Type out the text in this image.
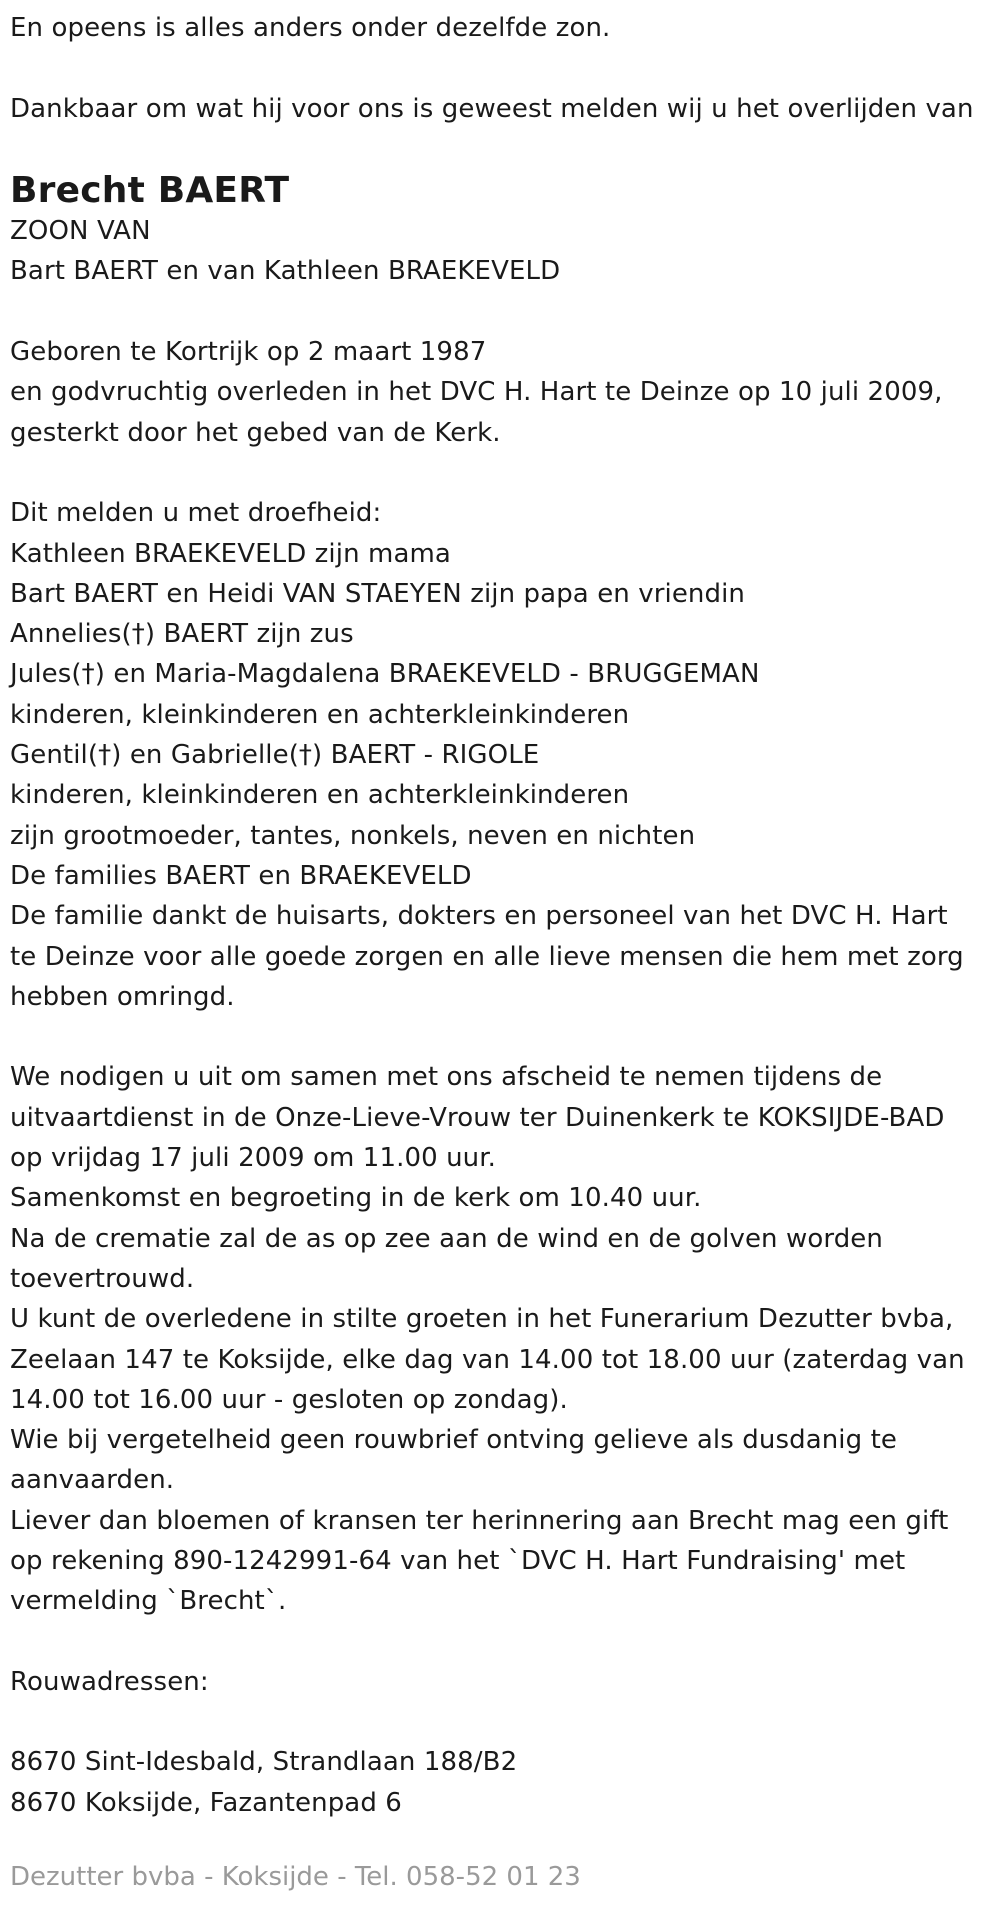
En opeens is alles anders onder dezelfde zon.
Dankbaar om wat hij voor ons is geweest melden wij u het overlijden van
Brecht BAERT
ZOON VAN
Bart BAERT en van Kathleen BRAEKEVELD
Geboren te Kortrijk op 2 maart 1987
en godvruchtig overleden in het DVC H. Hart te Deinze op 10 juli 2009,
gesterkt door het gebed van de Kerk.
Dit melden u met droefheid:
Kathleen BRAEKEVELD zijn mama
Bart BAERT en Heidi VAN STAEYEN zijn papa en vriendin
Annelies(†) BAERT zijn zus
Jules(†) en Maria-Magdalena BRAEKEVELD - BRUGGEMAN
kinderen, kleinkinderen en achterkleinkinderen
Gentil(†) en Gabrielle(†) BAERT - RIGOLE
kinderen, kleinkinderen en achterkleinkinderen
zijn grootmoeder, tantes, nonkels, neven en nichten
De families BAERT en BRAEKEVELD
De familie dankt de huisarts, dokters en personeel van het DVC H. Hart
te Deinze voor alle goede zorgen en alle lieve mensen die hem met zorg
hebben omringd.
We nodigen u uit om samen met ons afscheid te nemen tijdens de
uitvaartdienst in de Onze-Lieve-Vrouw ter Duinenkerk te KOKSIJDE-BAD
op vrijdag 17 juli 2009 om 11.00 uur.
Samenkomst en begroeting in de kerk om 10.40 uur.
Na de crematie zal de as op zee aan de wind en de golven worden
toevertrouwd.
U kunt de overledene in stilte groeten in het Funerarium Dezutter bvba,
Zeelaan 147 te Koksijde, elke dag van 14.00 tot 18.00 uur (zaterdag van
14.00 tot 16.00 uur - gesloten op zondag).
Wie bij vergetelheid geen rouwbrief ontving gelieve als dusdanig te
aanvaarden.
Liever dan bloemen of kransen ter herinnering aan Brecht mag een gift
op rekening 890-1242991-64 van het `DVC H. Hart Fundraising' met
vermelding `Brecht`.
Rouwadressen:
8670 Sint-Idesbald, Strandlaan 188/B2
8670 Koksijde, Fazantenpad 6
Dezutter bvba - Koksijde - Tel. 058-52 01 23
